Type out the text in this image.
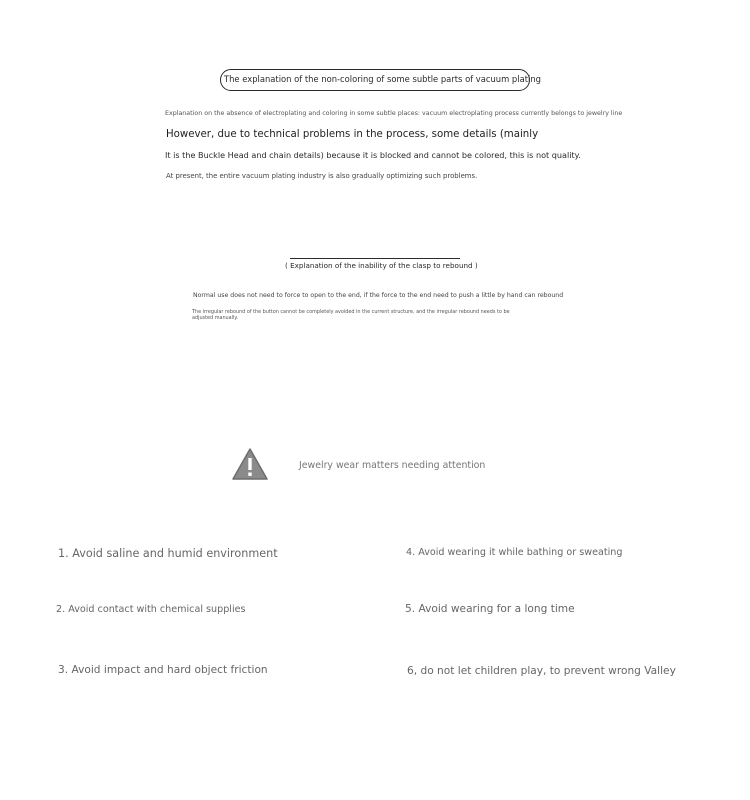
The explanation of the non-coloring of some subtle parts of vacuum plating
Explanation on the absence of electroplating and coloring in some subtle places: vacuum electroplating process currently belongs to jewelry line
However, due to technical problems in the process, some details (mainly
It is the Buckle Head and chain details) because it is blocked and cannot be colored, this is not quality.
At present, the entire vacuum plating industry is also gradually optimizing such problems.
( Explanation of the inability of the clasp to rebound )
Normal use does not need to force to open to the end, if the force to the end need to push a little by hand can rebound
The irregular rebound of the button cannot be completely avoided in the current structure, and the irregular rebound needs to be adjusted manually.
Jewelry wear matters needing attention
1. Avoid saline and humid environment
2. Avoid contact with chemical supplies
3. Avoid impact and hard object friction
4. Avoid wearing it while bathing or sweating
5. Avoid wearing for a long time
6, do not let children play, to prevent wrong Valley
